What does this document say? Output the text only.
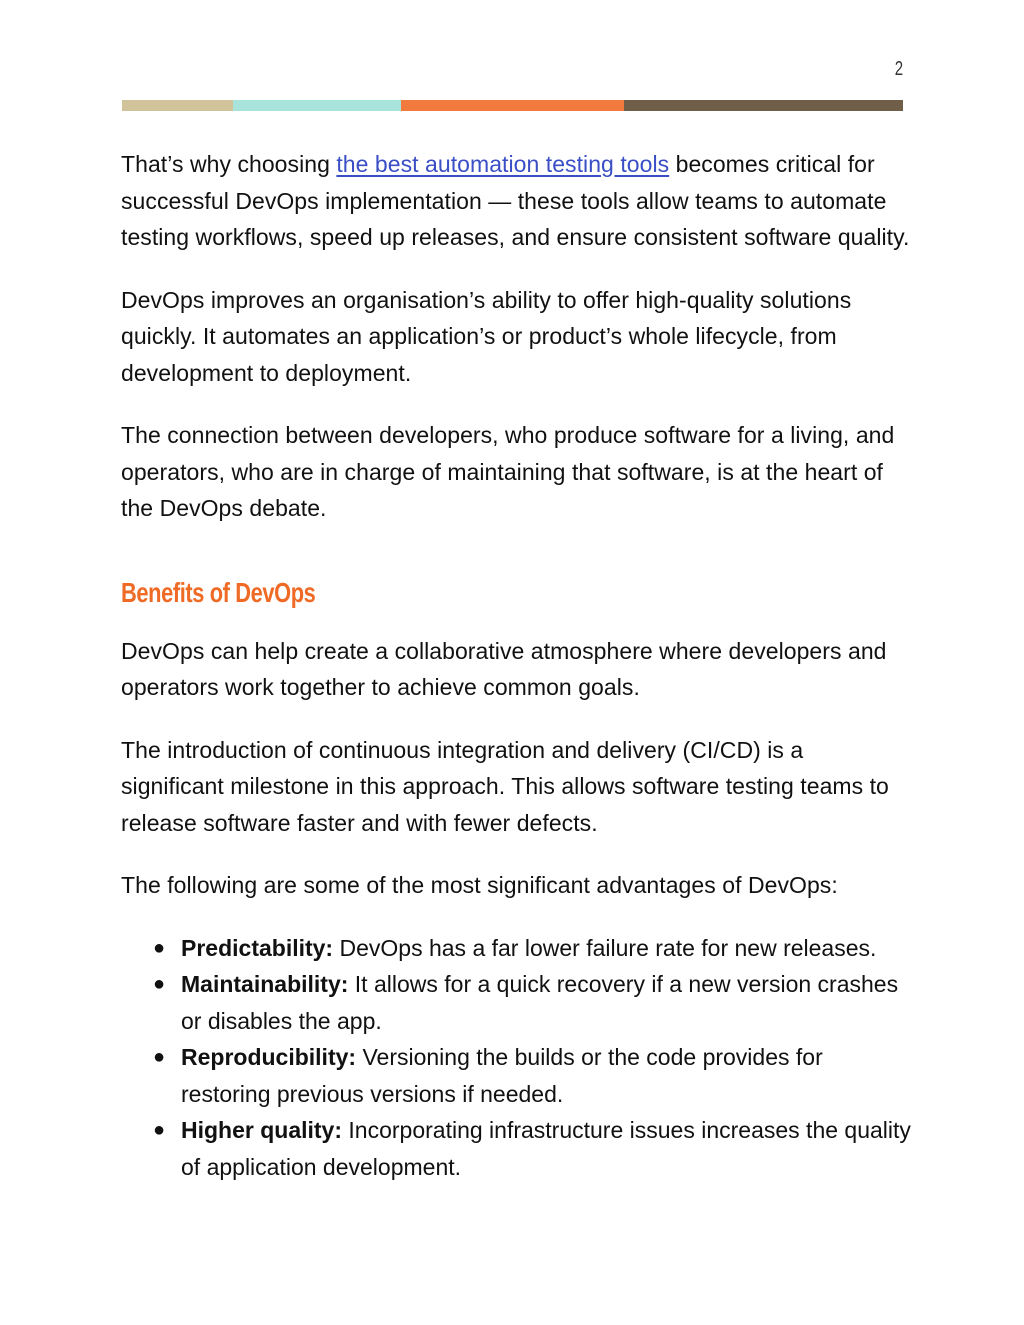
2

That’s why choosing the best automation testing tools becomes critical for successful DevOps implementation — these tools allow teams to automate testing workflows, speed up releases, and ensure consistent software quality.

DevOps improves an organisation’s ability to offer high-quality solutions quickly. It automates an application’s or product’s whole lifecycle, from development to deployment.

The connection between developers, who produce software for a living, and operators, who are in charge of maintaining that software, is at the heart of the DevOps debate.

Benefits of DevOps

DevOps can help create a collaborative atmosphere where developers and operators work together to achieve common goals.

The introduction of continuous integration and delivery (CI/CD) is a significant milestone in this approach. This allows software testing teams to release software faster and with fewer defects.

The following are some of the most significant advantages of DevOps:

● Predictability: DevOps has a far lower failure rate for new releases.
● Maintainability: It allows for a quick recovery if a new version crashes or disables the app.
● Reproducibility: Versioning the builds or the code provides for restoring previous versions if needed.
● Higher quality: Incorporating infrastructure issues increases the quality of application development.
